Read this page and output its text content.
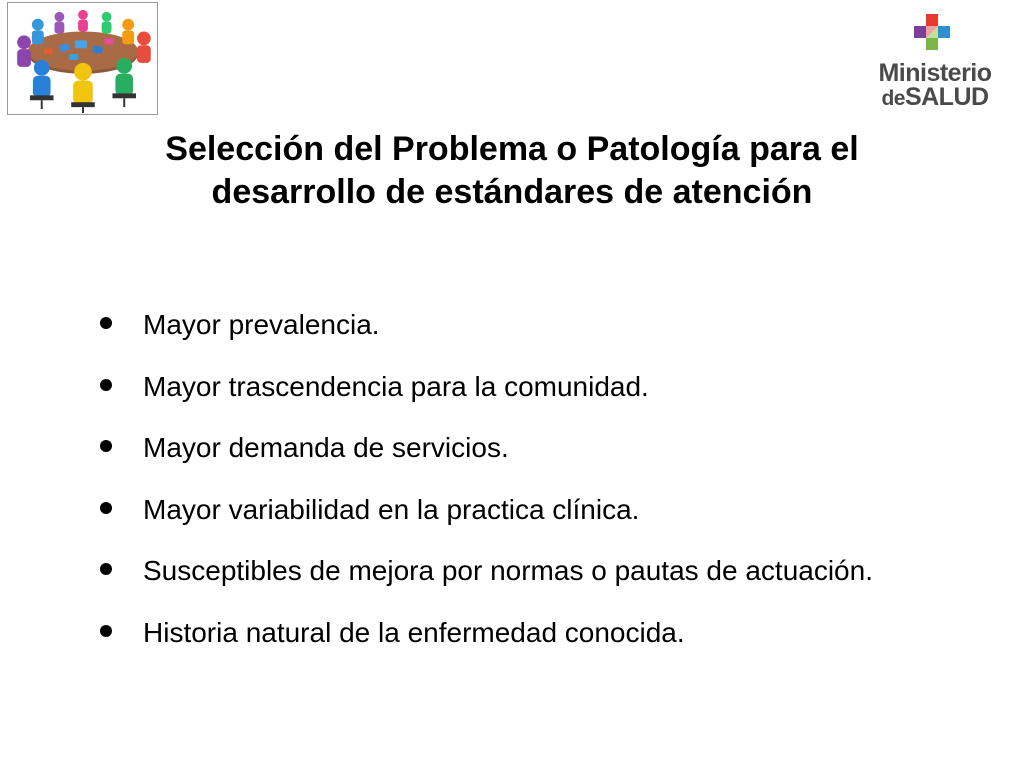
Ministerio
deSALUD
Selección del Problema o Patología para el
desarrollo de estándares de atención
Mayor prevalencia.
Mayor trascendencia para la comunidad.
Mayor demanda de servicios.
Mayor variabilidad en la practica clínica.
Susceptibles de mejora por normas o pautas de actuación.
Historia natural de la enfermedad conocida.
